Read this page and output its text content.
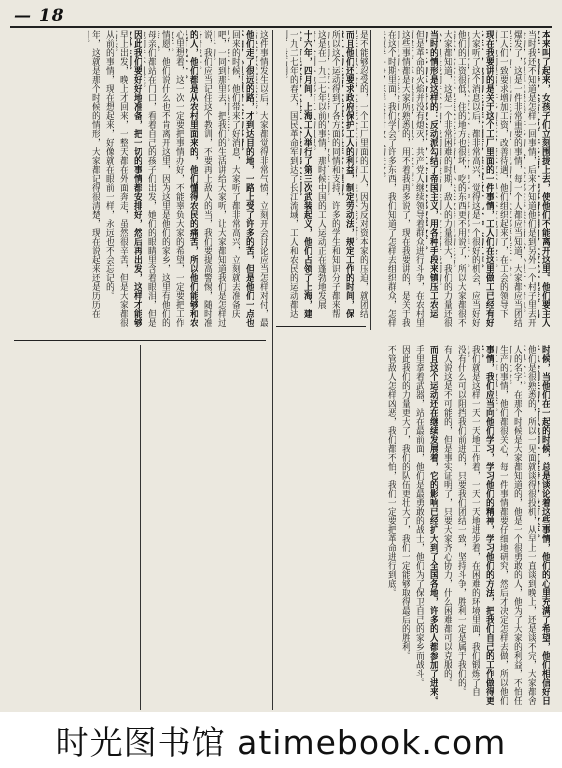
— 18
本来叫了起来，女孩子们立刻围拢上去，使他们不能离开这里。他们要主人
当时我还不知道是怎样一回事情，后来才知道他们是到另外一个村子里去开
爆发了，这是一件非常重要的事情，每一个人都应当知道，大家都应当团结
工人们一致要求增加工资，改善待遇，他们组织起来了，在工会的领导下
现在我要讲的是关于这个工厂里面的一件事情，工人们在这里做工已经有好
大家听了这个消息以后，都非常高兴，觉得这是一个很好的机会，应当好好
他们的工资很低，住的地方也很坏，吃的东西更不用说了，所以大家都很不
大家都知道，这是一个非常困难的时期，敌人的力量很大，我们的力量还很
当时的情形是这样的：反动派勾结了帝国主义，用各种手段来镇压工农运
但是革命的火焰并没有熄灭，共产党人继续领导着群众进行斗争，在农村里
这些事情都是大家所熟悉的，用不着我再多说了，现在我要讲的，是关于我
在这个时期里面，我们学会了许多东西，我们知道了怎样去组织群众，怎样
是不能够忍受的，一个工厂里面的工人，因为反对资本家的压迫，就团结
而且他们还要求政府保护工人的利益，制定劳动法，规定工作的时间，保
所以这个运动得到了各方面的同情和支持，许多的学生和知识分子都来帮
这是在一九二七年以前的事情，那时候中国的工人运动正在蓬勃地发展
十六年，四月间，上海工人举行了第三次武装起义，他们占领了上海，建
一九二七年的春天，国民革命军到达了长江流域，工人和农民的运动都达
这件事情发生以后，大家都觉得非常气愤，立刻开会讨论应当怎样对付，最
他们走了很远的路，才到达目的地，一路上受了许多的苦，但是他们一点也
回来的时候，他们带来了好消息，大家听了都非常高兴，立刻就去准备庆
吧，一同到那里去，把我们的生活讲给大家听，让大家都知道我们是怎样过
说，我们应当记住这个教训，不要再上敌人的当，我们要提高警惕，随时准
的人，他们都是从农村里面来的，他们懂得农民的痛苦，所以他们能够和农
心里想着，这一次一定要把事情办好，不能辜负大家的希望，一定要把工作
情愿，他们说什么也不肯离开这里，因为这里是他们的家乡，这里有他们的
母亲们都站在门口，看着自己的孩子们出发，她们的眼睛里含着眼泪，但是
因此我们要好好地准备，把一切的事情都安排好，然后再出发，这样才能够
早上出发，晚上才回来，一整天都在外面奔走，虽然很辛苦，但是大家都很
从前的事情，现在想起来，好像就在眼前一样，永远也不会忘记的。
年，这就是那个时候的情形，大家都记得很清楚，现在说起来还是历历在
时候，当他们在一起的时候，总是谈论着这些事情，他们的心里充满了希望，他们相信好日
他们是很熟悉的，所以一见面就谈得很投机，从早上一直谈到晚上，还是谈不完，大家都舍
人的名字，在那个时候是大家都知道的，他是一个很勇敢的人，他为了大家的利益，不怕任
生产的事情，他们都很关心，每一件事情都要仔细地研究，然后才决定怎样去做，所以他们
事情，我们应当向他们学习，学习他们的精神，学习他们的方法，把我们自己的工作做得更
我们就是这样一天一天地工作着，一天一天地进步着，在困难的环境里面，我们锻炼了自
没有什么可以阻挡我们前进的，只要我们团结一致，坚持斗争，胜利一定是属于我们的。
有人说这是不可能的，但是事实证明了，只要大家齐心协力，什么困难都可以克服的。
而且这个运动还在继续发展着，它的影响已经扩大到了全国各地，许多的人都参加了进来。
手里拿着武器，站在最前面，他们是最勇敢的战士，他们为了保卫自己的家乡而战斗。
因此我们的力量更大了，我们的队伍更壮大了，我们一定能够取得最后的胜利。
不管敌人怎样凶恶，我们都不怕，我们一定要把革命进行到底。
时光图书馆 atimebook.com
